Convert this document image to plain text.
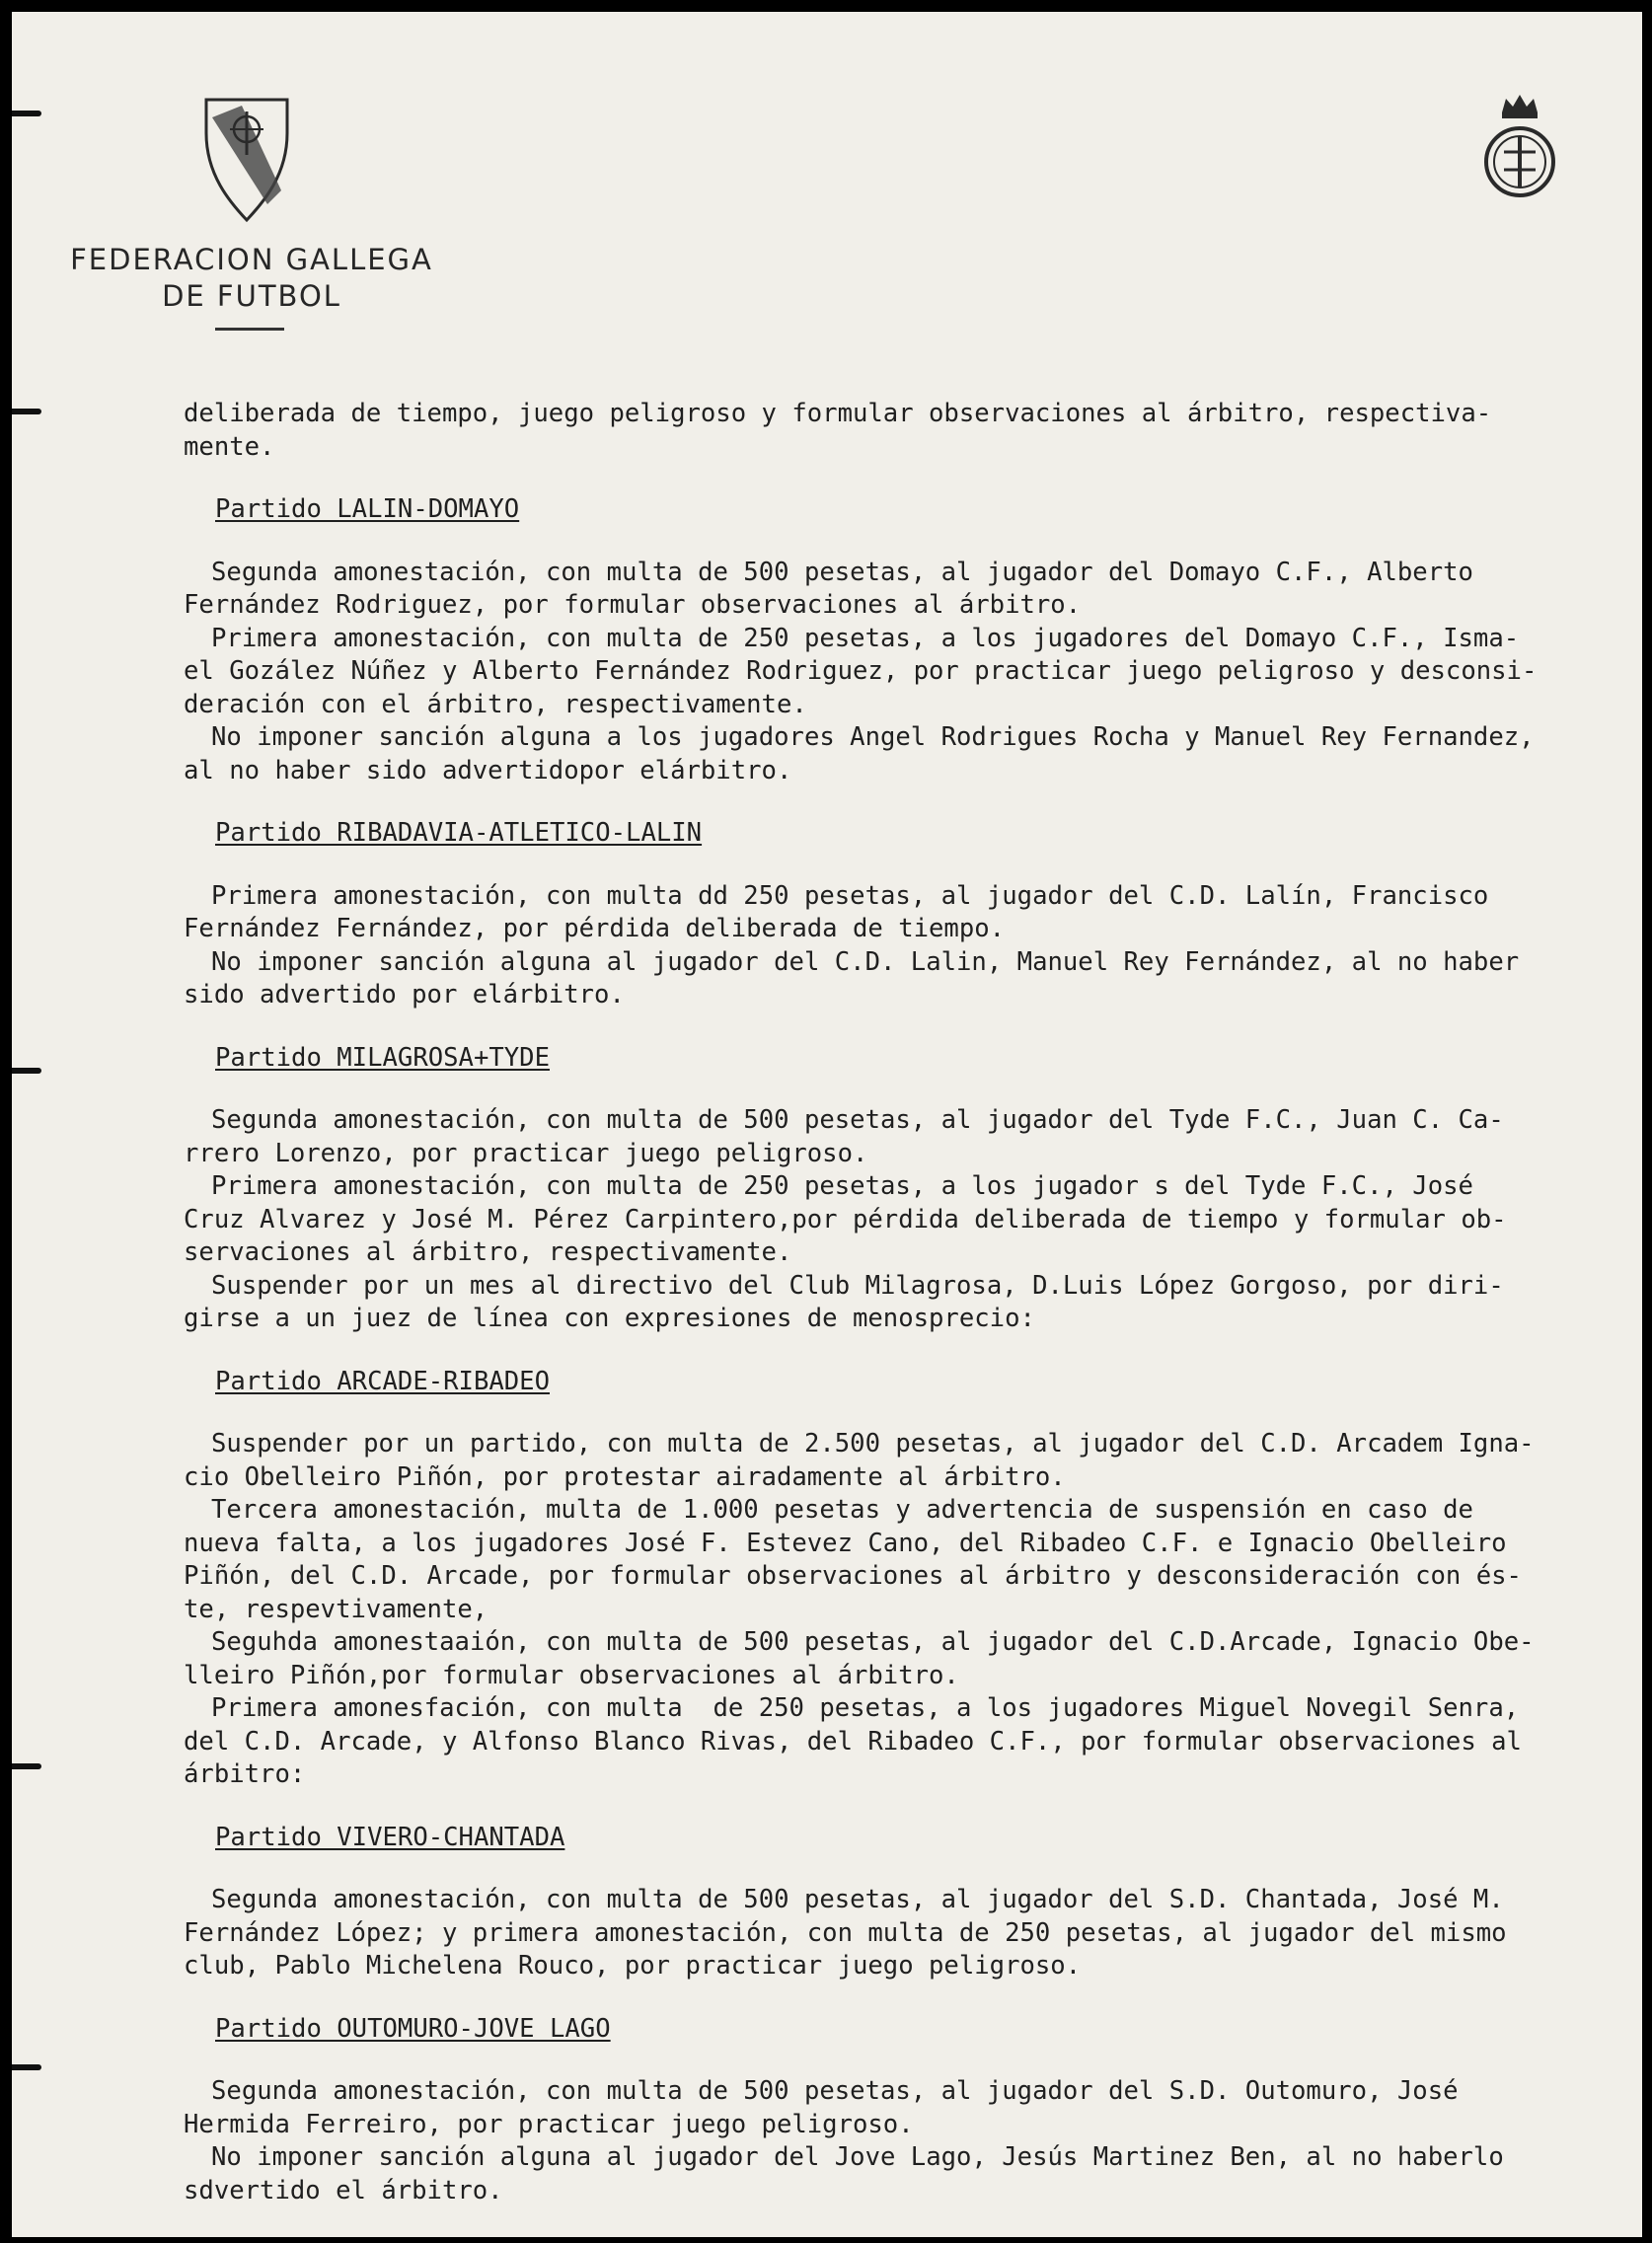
FEDERACION GALLEGA
DE FUTBOL

deliberada de tiempo, juego peligroso y formular observaciones al árbitro, respectiva-

mente.

Partido LALIN-DOMAYO

Segunda amonestación, con multa de 500 pesetas, al jugador del Domayo C.F., Alberto

Fernández Rodriguez, por formular observaciones al árbitro.

Primera amonestación, con multa de 250 pesetas, a los jugadores del Domayo C.F., Isma-

el Gozález Núñez y Alberto Fernández Rodriguez, por practicar juego peligroso y desconsi-

deración con el árbitro, respectivamente.

No imponer sanción alguna a los jugadores Angel Rodrigues Rocha y Manuel Rey Fernandez,

al no haber sido advertidopor elárbitro.

Partido RIBADAVIA-ATLETICO-LALIN

Primera amonestación, con multa dd 250 pesetas, al jugador del C.D. Lalín, Francisco

Fernández Fernández, por pérdida deliberada de tiempo.

No imponer sanción alguna al jugador del C.D. Lalin, Manuel Rey Fernández, al no haber

sido advertido por elárbitro.

Partido MILAGROSA+TYDE

Segunda amonestación, con multa de 500 pesetas, al jugador del Tyde F.C., Juan C. Ca-

rrero Lorenzo, por practicar juego peligroso.

Primera amonestación, con multa de 250 pesetas, a los jugador s del Tyde F.C., José

Cruz Alvarez y José M. Pérez Carpintero,por pérdida deliberada de tiempo y formular ob-

servaciones al árbitro, respectivamente.

Suspender por un mes al directivo del Club Milagrosa, D.Luis López Gorgoso, por diri-

girse a un juez de línea con expresiones de menosprecio:

Partido ARCADE-RIBADEO

Suspender por un partido, con multa de 2.500 pesetas, al jugador del C.D. Arcadem Igna-

cio Obelleiro Piñón, por protestar airadamente al árbitro.

Tercera amonestación, multa de 1.000 pesetas y advertencia de suspensión en caso de

nueva falta, a los jugadores José F. Estevez Cano, del Ribadeo C.F. e Ignacio Obelleiro

Piñón, del C.D. Arcade, por formular observaciones al árbitro y desconsideración con és-

te, respevtivamente,

Seguhda amonestaaión, con multa de 500 pesetas, al jugador del C.D.Arcade, Ignacio Obe-

lleiro Piñón,por formular observaciones al árbitro.

Primera amonesfación, con multa  de 250 pesetas, a los jugadores Miguel Novegil Senra,

del C.D. Arcade, y Alfonso Blanco Rivas, del Ribadeo C.F., por formular observaciones al

árbitro:

Partido VIVERO-CHANTADA

Segunda amonestación, con multa de 500 pesetas, al jugador del S.D. Chantada, José M.

Fernández López; y primera amonestación, con multa de 250 pesetas, al jugador del mismo

club, Pablo Michelena Rouco, por practicar juego peligroso.

Partido OUTOMURO-JOVE LAGO

Segunda amonestación, con multa de 500 pesetas, al jugador del S.D. Outomuro, José

Hermida Ferreiro, por practicar juego peligroso.

No imponer sanción alguna al jugador del Jove Lago, Jesús Martinez Ben, al no haberlo

sdvertido el árbitro.
